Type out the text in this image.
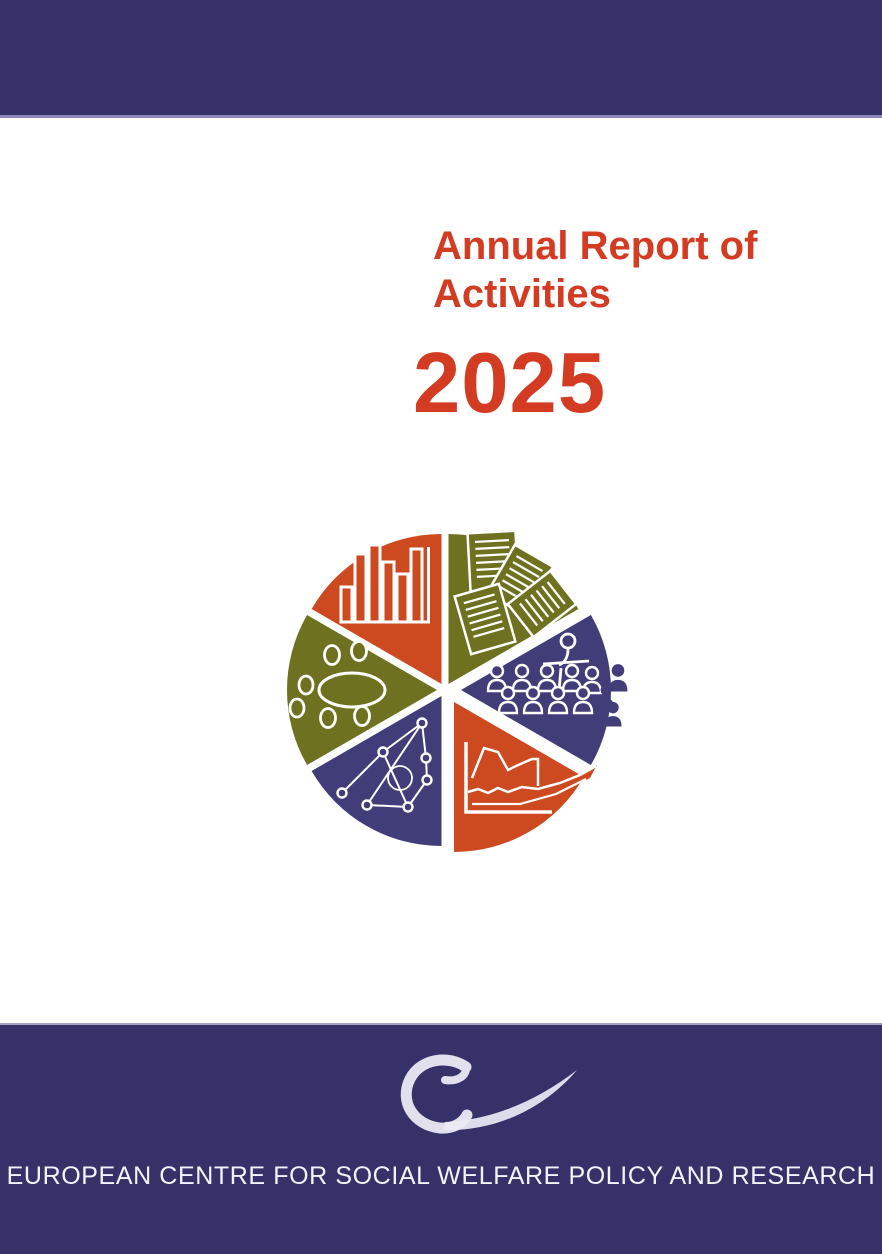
Annual Report of
Activities
2025
EUROPEAN CENTRE FOR SOCIAL WELFARE POLICY AND RESEARCH
